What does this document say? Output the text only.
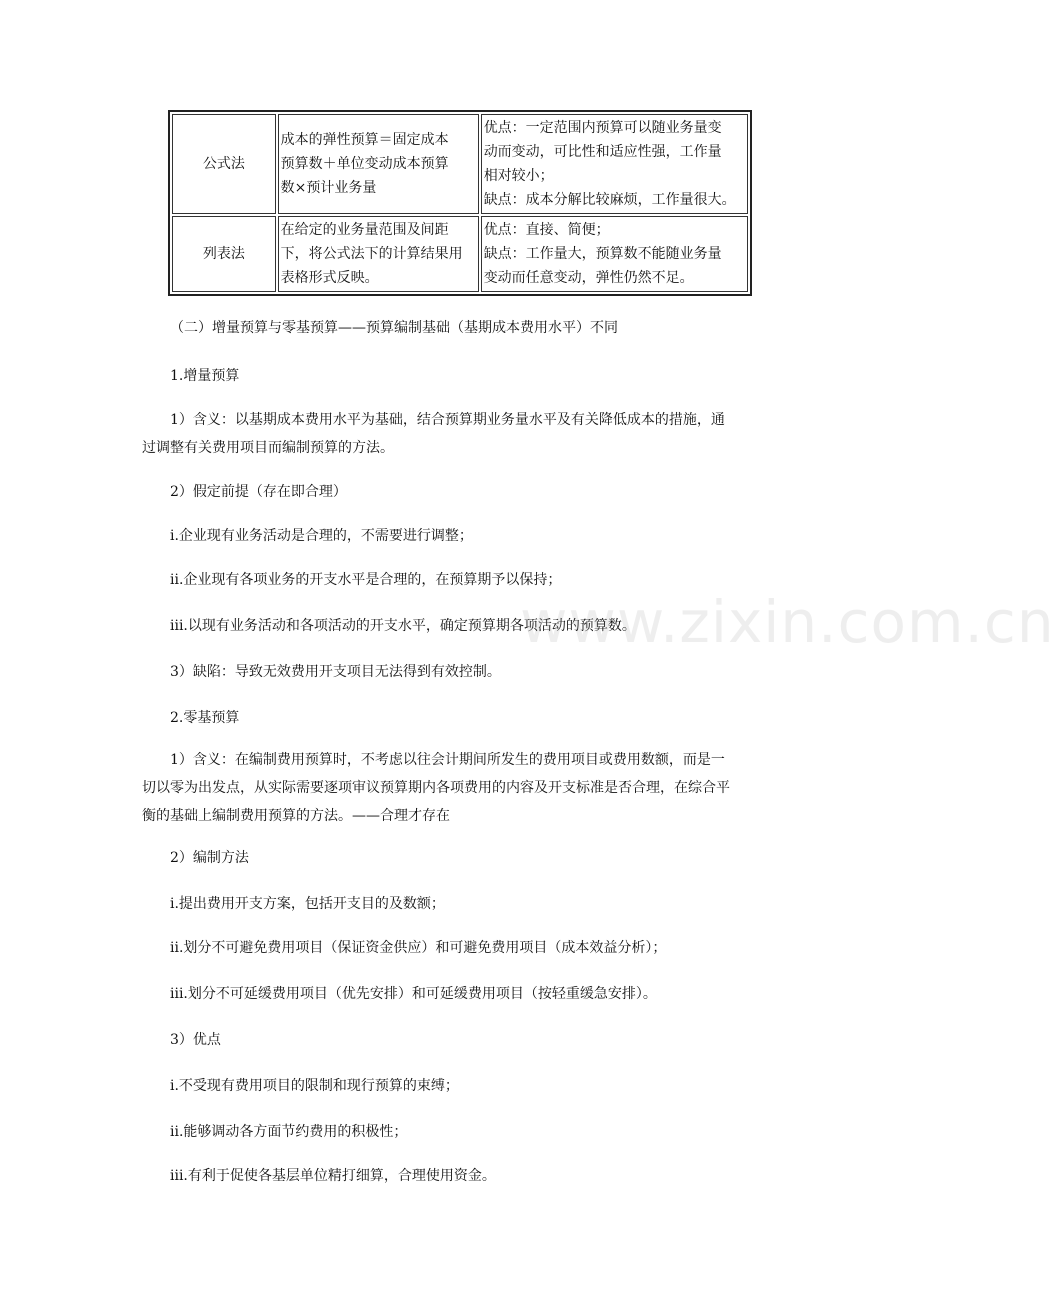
公式法	成本的弹性预算＝固定成本
预算数＋单位变动成本预算
数×预计业务量	优点：一定范围内预算可以随业务量变
动而变动，可比性和适应性强，工作量
相对较小；
缺点：成本分解比较麻烦，工作量很大。

列表法	在给定的业务量范围及间距
下，将公式法下的计算结果用
表格形式反映。	优点：直接、简便；
缺点：工作量大，预算数不能随业务量
变动而任意变动，弹性仍然不足。

（二）增量预算与零基预算——预算编制基础（基期成本费用水平）不同

1.增量预算

1）含义：以基期成本费用水平为基础，结合预算期业务量水平及有关降低成本的措施，通
过调整有关费用项目而编制预算的方法。

2）假定前提（存在即合理）

i.企业现有业务活动是合理的，不需要进行调整；

ii.企业现有各项业务的开支水平是合理的，在预算期予以保持；

iii.以现有业务活动和各项活动的开支水平，确定预算期各项活动的预算数。

3）缺陷：导致无效费用开支项目无法得到有效控制。

2.零基预算

1）含义：在编制费用预算时，不考虑以往会计期间所发生的费用项目或费用数额，而是一
切以零为出发点，从实际需要逐项审议预算期内各项费用的内容及开支标准是否合理，在综合平
衡的基础上编制费用预算的方法。——合理才存在

2）编制方法

i.提出费用开支方案，包括开支目的及数额；

ii.划分不可避免费用项目（保证资金供应）和可避免费用项目（成本效益分析）；

iii.划分不可延缓费用项目（优先安排）和可延缓费用项目（按轻重缓急安排）。

3）优点

i.不受现有费用项目的限制和现行预算的束缚；

ii.能够调动各方面节约费用的积极性；

iii.有利于促使各基层单位精打细算，合理使用资金。

www.zixin.com.cn
